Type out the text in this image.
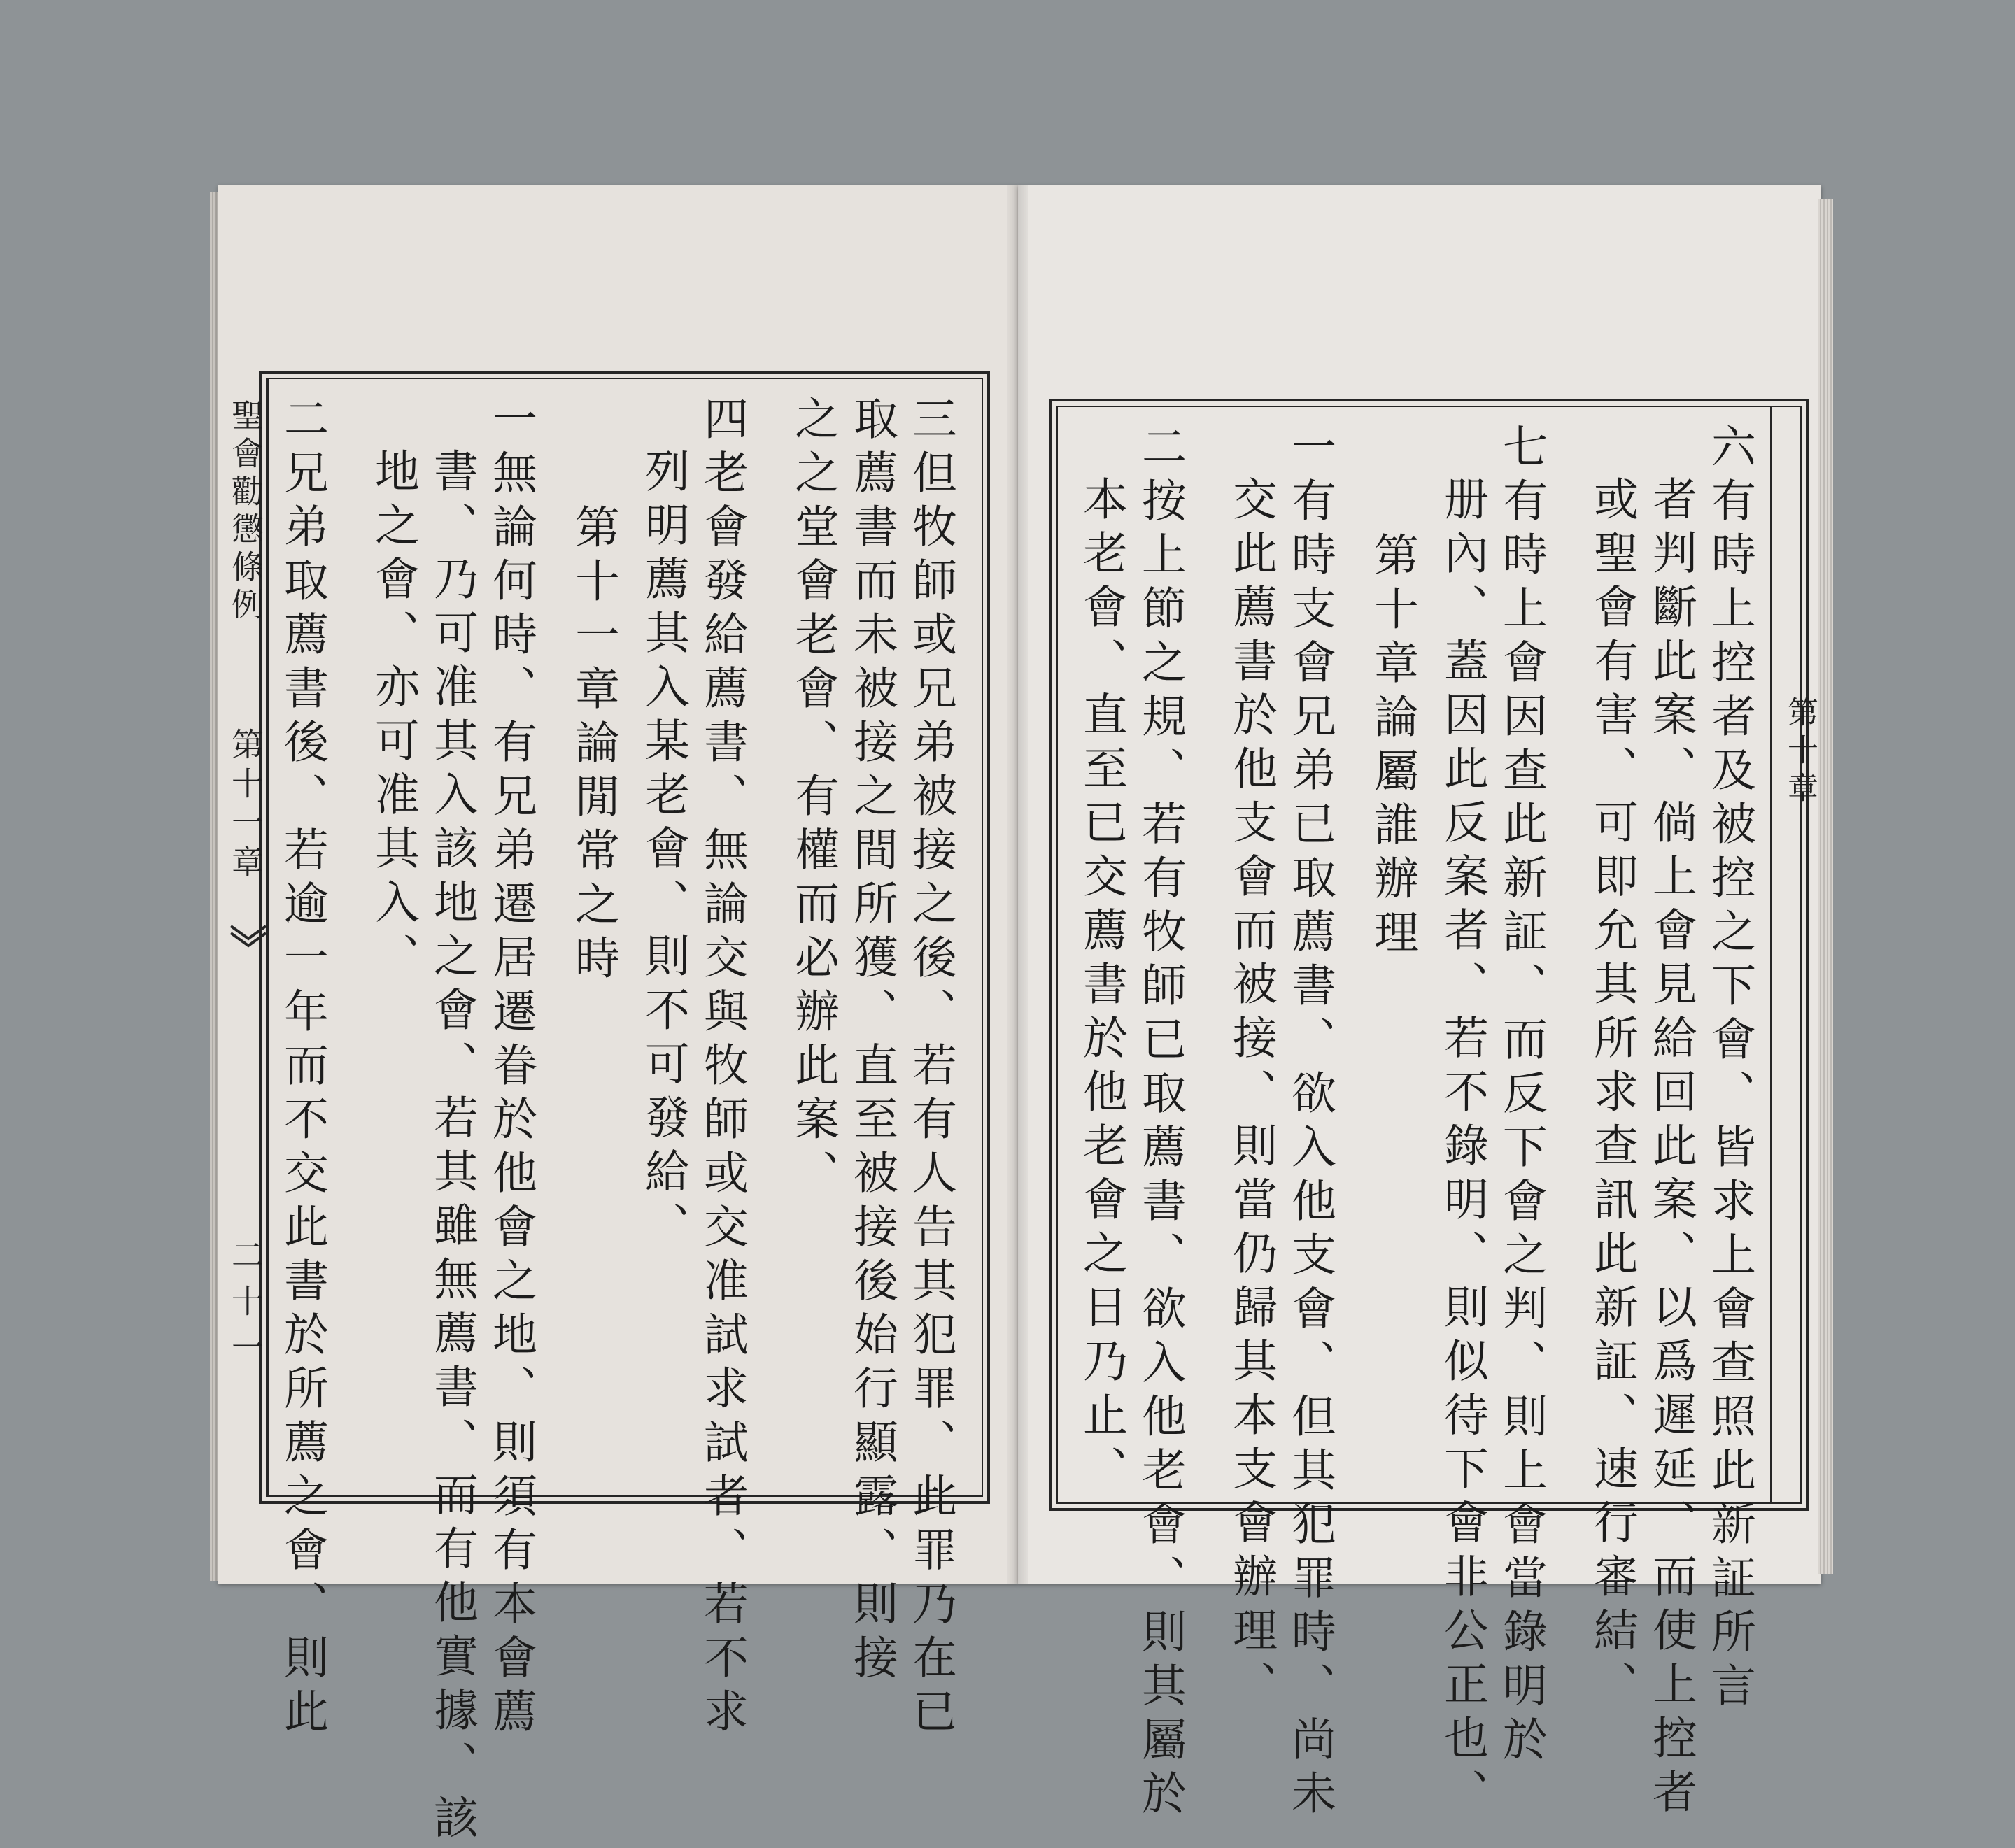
聖會勸懲條例
第十一章
二十一	三但牧師或兄弟被接之後、若有人告其犯罪、此罪乃在已
取薦書而未被接之間所獲、直至被接後始行顯露、則接
之之堂會老會、有權而必辦此案、
四老會發給薦書、無論交與牧師或交准試求試者、若不求
列明薦其入某老會、則不可發給、
第十一章論閒常之時
一無論何時、有兄弟遷居遷眷於他會之地、則須有本會薦
書、乃可准其入該地之會、若其雖無薦書、而有他實據、該
地之會、亦可准其入、
二兄弟取薦書後、若逾一年而不交此書於所薦之會、則此	第十章
六有時上控者及被控之下會、皆求上會查照此新証所言
者判斷此案、倘上會見給回此案、以爲遲延、而使上控者
或聖會有害、可即允其所求查訊此新証、速行審結、
七有時上會因查此新証、而反下會之判、則上會當錄明於
册內、蓋因此反案者、若不錄明、則似待下會非公正也、
第十章論屬誰辦理
一有時支會兄弟已取薦書、欲入他支會、但其犯罪時、尚未
交此薦書於他支會而被接、則當仍歸其本支會辦理、
二按上節之規、若有牧師已取薦書、欲入他老會、則其屬於
本老會、直至已交薦書於他老會之日乃止、
